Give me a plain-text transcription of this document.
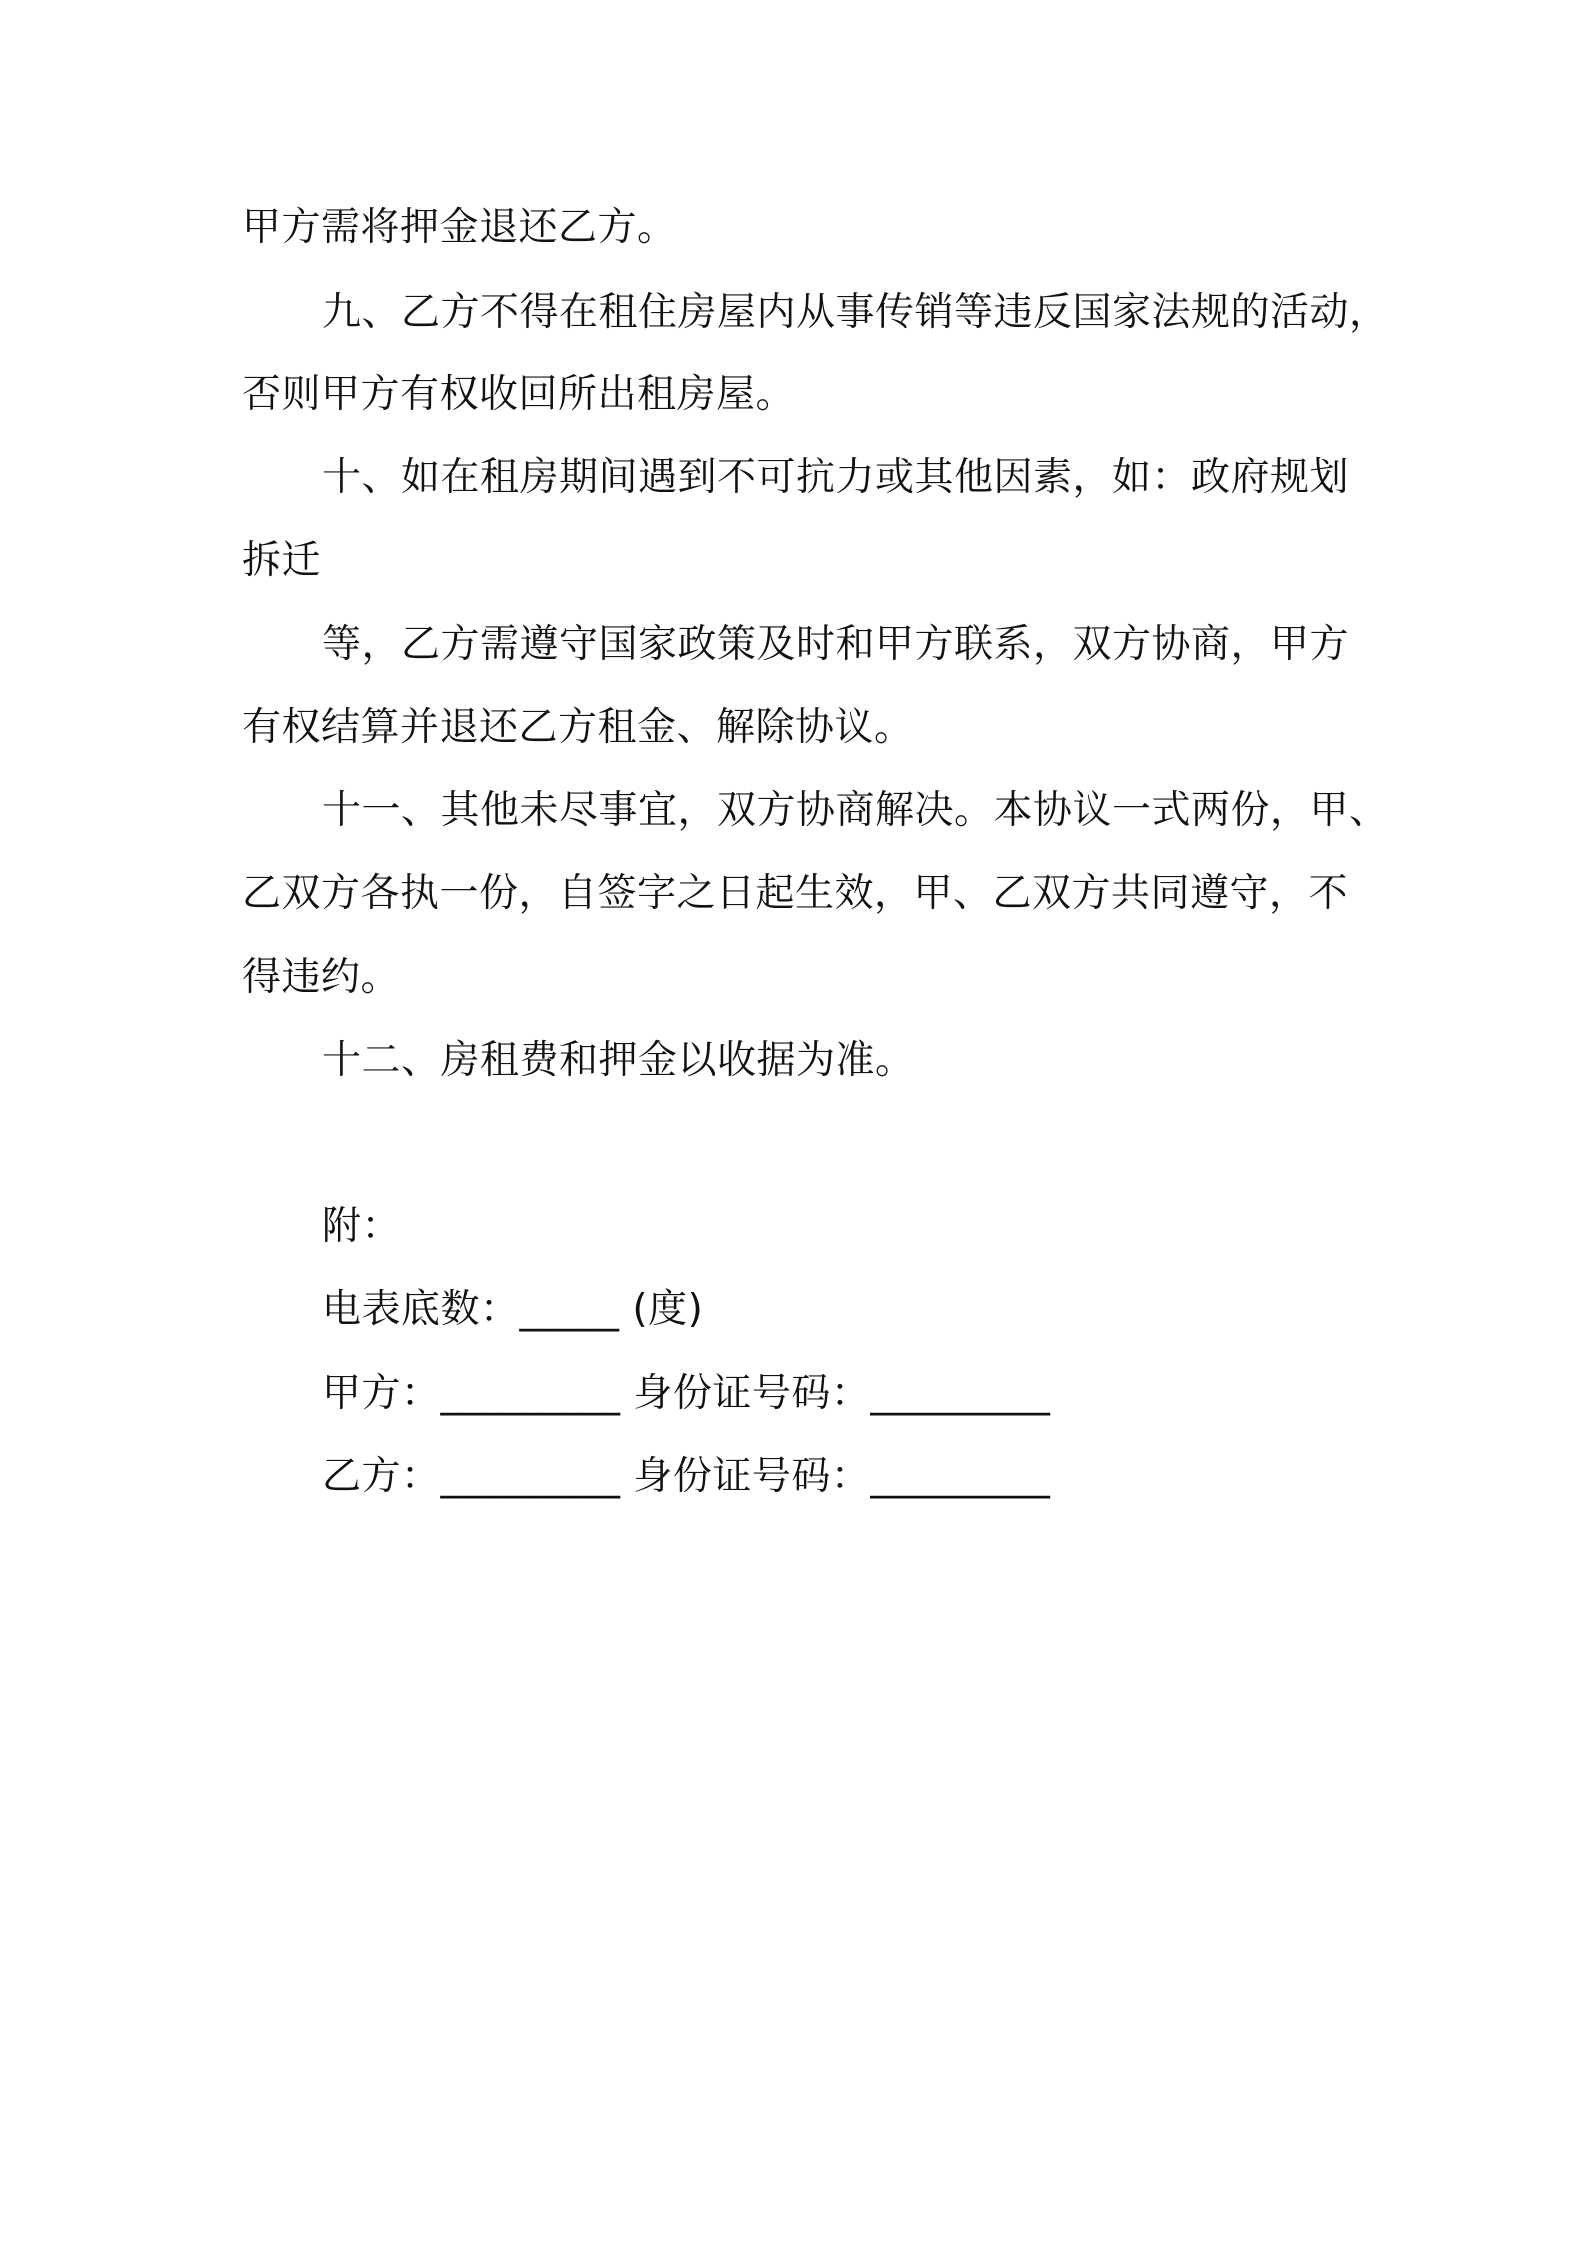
甲方需将押金退还乙方。
九、乙方不得在租住房屋内从事传销等违反国家法规的活动，
否则甲方有权收回所出租房屋。
十、如在租房期间遇到不可抗力或其他因素，如：政府规划
拆迁
等，乙方需遵守国家政策及时和甲方联系，双方协商，甲方
有权结算并退还乙方租金、解除协议。
十一、其他未尽事宜，双方协商解决。本协议一式两份，甲、
乙双方各执一份，自签字之日起生效，甲、乙双方共同遵守，不
得违约。
十二、房租费和押金以收据为准。
附：
电表底数：_____ (度)
甲方：_________ 身份证号码：_________
乙方：_________ 身份证号码：_________
